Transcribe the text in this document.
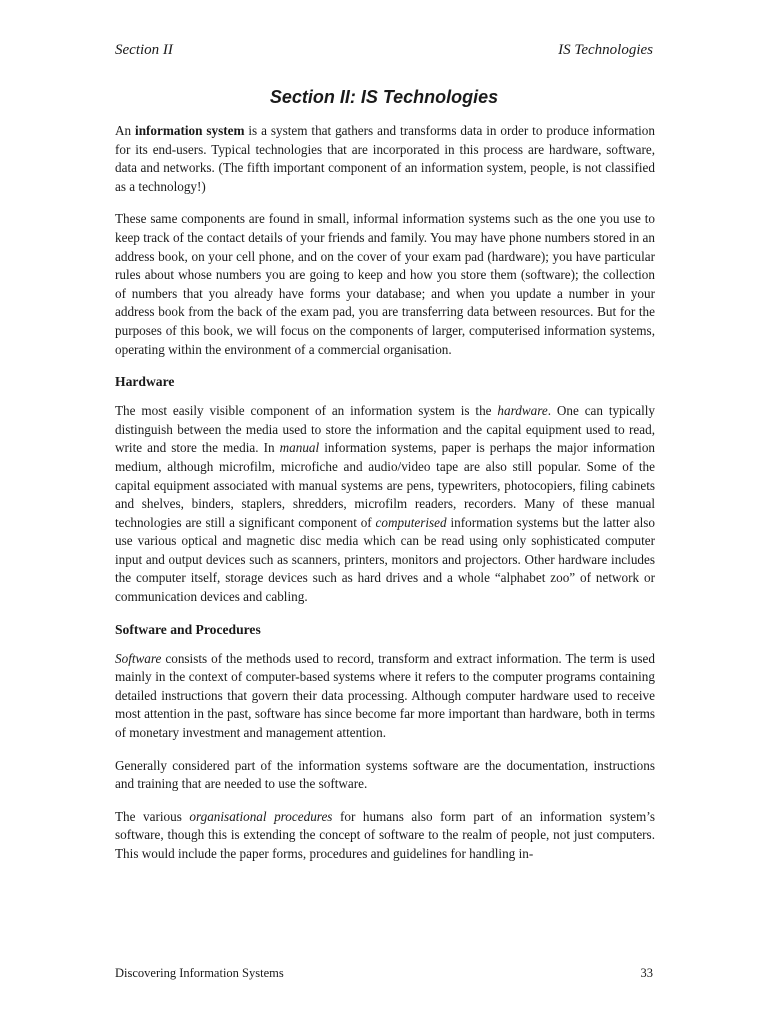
Section II	IS Technologies
Section II: IS Technologies

An information system is a system that gathers and transforms data in order to produce information for its end-users. Typical technologies that are incorporated in this process are hardware, software, data and networks. (The fifth important component of an information system, people, is not classified as a technology!)

These same components are found in small, informal information systems such as the one you use to keep track of the contact details of your friends and family. You may have phone numbers stored in an address book, on your cell phone, and on the cover of your exam pad (hardware); you have particular rules about whose numbers you are going to keep and how you store them (software); the collection of numbers that you already have forms your database; and when you update a number in your address book from the back of the exam pad, you are transferring data between resources. But for the purposes of this book, we will focus on the components of larger, computerised information systems, operating within the environment of a commercial organisation.

Hardware

The most easily visible component of an information system is the hardware. One can typically distinguish between the media used to store the information and the capital equipment used to read, write and store the media. In manual information systems, paper is perhaps the major information medium, although microfilm, microfiche and audio/video tape are also still popular. Some of the capital equipment associated with manual systems are pens, typewriters, photocopiers, filing cabinets and shelves, binders, staplers, shredders, microfilm readers, recorders. Many of these manual technologies are still a significant component of computerised information systems but the latter also use various optical and magnetic disc media which can be read using only sophisticated computer input and output devices such as scanners, printers, monitors and projectors. Other hardware includes the computer itself, storage devices such as hard drives and a whole “alphabet zoo” of network or communication devices and cabling.

Software and Procedures

Software consists of the methods used to record, transform and extract information. The term is used mainly in the context of computer-based systems where it refers to the computer programs containing detailed instructions that govern their data processing. Although computer hardware used to receive most attention in the past, software has since become far more important than hardware, both in terms of monetary investment and management attention.

Generally considered part of the information systems software are the documentation, instructions and training that are needed to use the software.

The various organisational procedures for humans also form part of an information system’s software, though this is extending the concept of software to the realm of people, not just computers. This would include the paper forms, procedures and guidelines for handling in-

Discovering Information Systems	33
